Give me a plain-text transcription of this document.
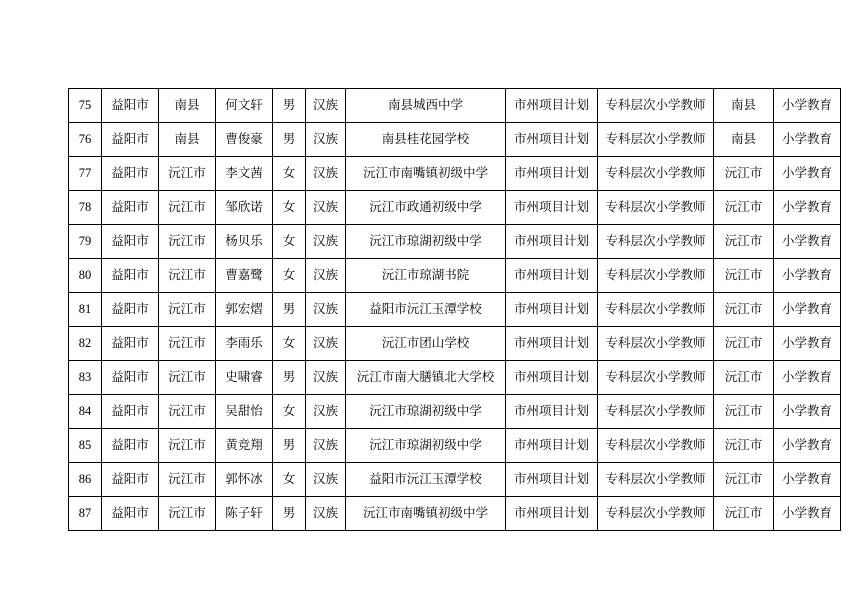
75	益阳市	南县	何文轩	男	汉族	南县城西中学	市州项目计划	专科层次小学教师	南县	小学教育
76	益阳市	南县	曹俊豪	男	汉族	南县桂花园学校	市州项目计划	专科层次小学教师	南县	小学教育
77	益阳市	沅江市	李文茜	女	汉族	沅江市南嘴镇初级中学	市州项目计划	专科层次小学教师	沅江市	小学教育
78	益阳市	沅江市	邹欣诺	女	汉族	沅江市政通初级中学	市州项目计划	专科层次小学教师	沅江市	小学教育
79	益阳市	沅江市	杨贝乐	女	汉族	沅江市琼湖初级中学	市州项目计划	专科层次小学教师	沅江市	小学教育
80	益阳市	沅江市	曹嘉鹭	女	汉族	沅江市琼湖书院	市州项目计划	专科层次小学教师	沅江市	小学教育
81	益阳市	沅江市	郭宏熠	男	汉族	益阳市沅江玉潭学校	市州项目计划	专科层次小学教师	沅江市	小学教育
82	益阳市	沅江市	李雨乐	女	汉族	沅江市团山学校	市州项目计划	专科层次小学教师	沅江市	小学教育
83	益阳市	沅江市	史啸睿	男	汉族	沅江市南大膳镇北大学校	市州项目计划	专科层次小学教师	沅江市	小学教育
84	益阳市	沅江市	吴甜怡	女	汉族	沅江市琼湖初级中学	市州项目计划	专科层次小学教师	沅江市	小学教育
85	益阳市	沅江市	黄竞翔	男	汉族	沅江市琼湖初级中学	市州项目计划	专科层次小学教师	沅江市	小学教育
86	益阳市	沅江市	郭怀冰	女	汉族	益阳市沅江玉潭学校	市州项目计划	专科层次小学教师	沅江市	小学教育
87	益阳市	沅江市	陈子轩	男	汉族	沅江市南嘴镇初级中学	市州项目计划	专科层次小学教师	沅江市	小学教育
